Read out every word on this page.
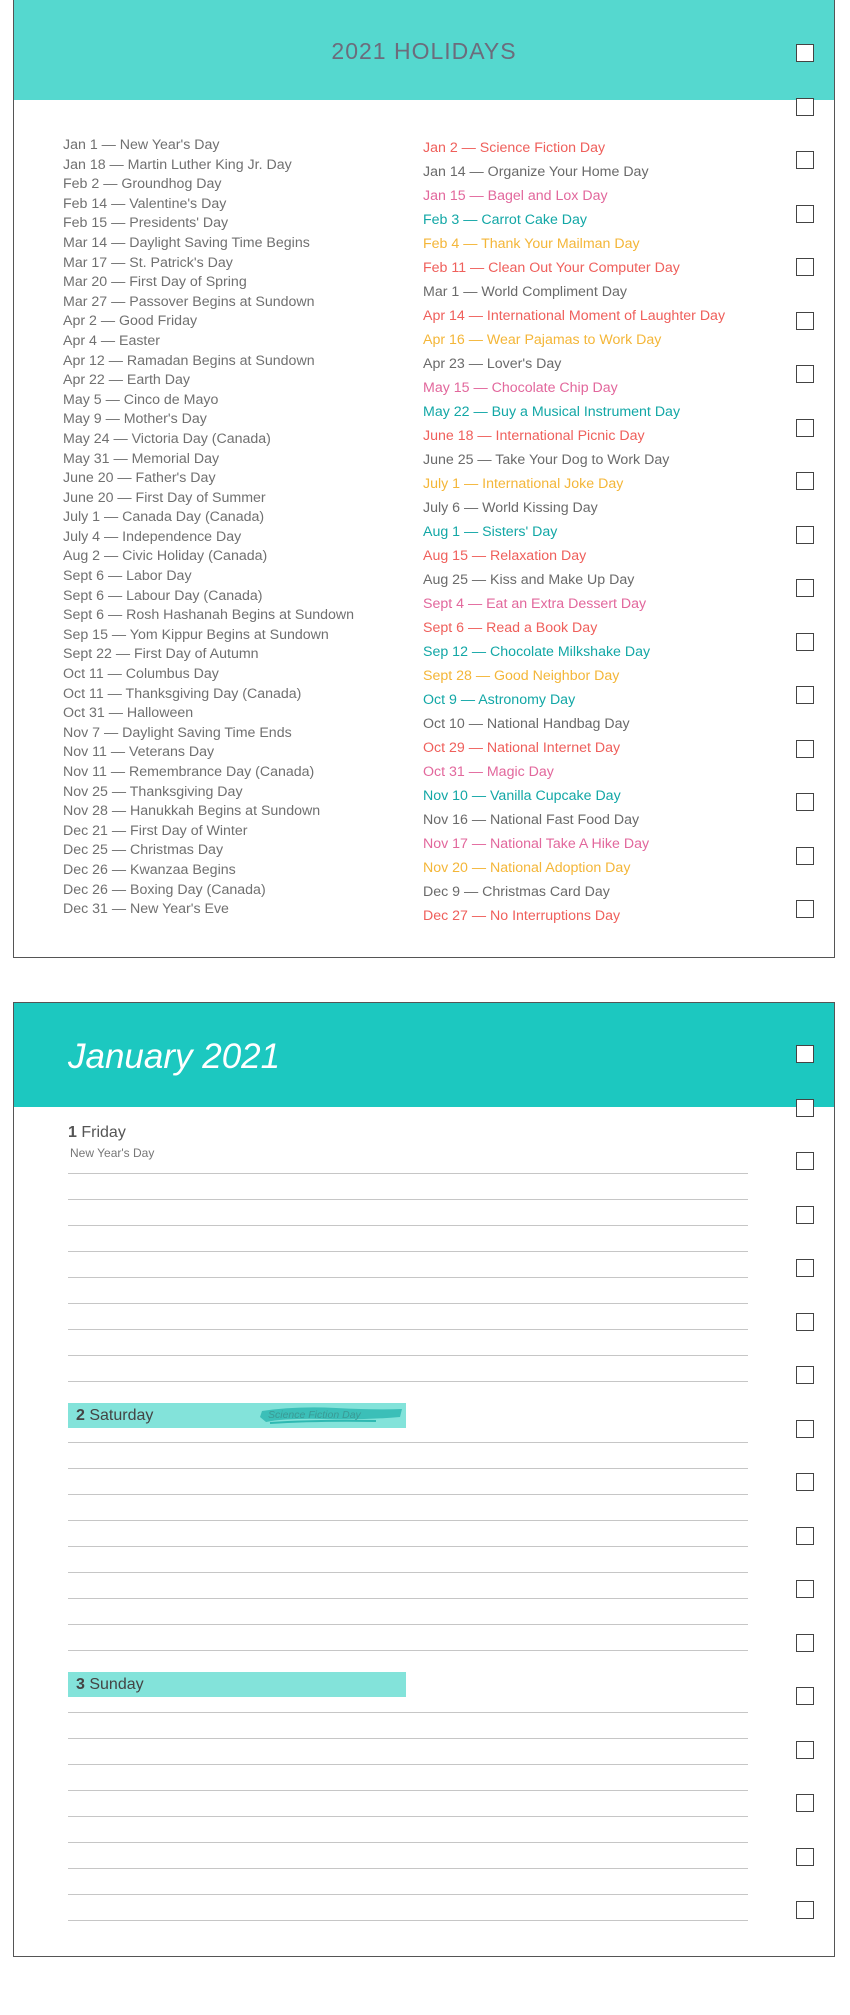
2021 HOLIDAYS
Jan 1 — New Year's Day
Jan 18 — Martin Luther King Jr. Day
Feb 2 — Groundhog Day
Feb 14 — Valentine's Day
Feb 15 — Presidents' Day
Mar 14 — Daylight Saving Time Begins
Mar 17 — St. Patrick's Day
Mar 20 — First Day of Spring
Mar 27 — Passover Begins at Sundown
Apr 2 — Good Friday
Apr 4 — Easter
Apr 12 — Ramadan Begins at Sundown
Apr 22 — Earth Day
May 5 — Cinco de Mayo
May 9 — Mother's Day
May 24 — Victoria Day (Canada)
May 31 — Memorial Day
June 20 — Father's Day
June 20 — First Day of Summer
July 1 — Canada Day (Canada)
July 4 — Independence Day
Aug 2 — Civic Holiday (Canada)
Sept 6 — Labor Day
Sept 6 — Labour Day (Canada)
Sept 6 — Rosh Hashanah Begins at Sundown
Sep 15 — Yom Kippur Begins at Sundown
Sept 22 — First Day of Autumn
Oct 11 — Columbus Day
Oct 11 — Thanksgiving Day (Canada)
Oct 31 — Halloween
Nov 7 — Daylight Saving Time Ends
Nov 11 — Veterans Day
Nov 11 — Remembrance Day (Canada)
Nov 25 — Thanksgiving Day
Nov 28 — Hanukkah Begins at Sundown
Dec 21 — First Day of Winter
Dec 25 — Christmas Day
Dec 26 — Kwanzaa Begins
Dec 26 — Boxing Day (Canada)
Dec 31 — New Year's Eve
Jan 2 — Science Fiction Day
Jan 14 — Organize Your Home Day
Jan 15 — Bagel and Lox Day
Feb 3 — Carrot Cake Day
Feb 4 — Thank Your Mailman Day
Feb 11 — Clean Out Your Computer Day
Mar 1 — World Compliment Day
Apr 14 — International Moment of Laughter Day
Apr 16 — Wear Pajamas to Work Day
Apr 23 — Lover's Day
May 15 — Chocolate Chip Day
May 22 — Buy a Musical Instrument Day
June 18 — International Picnic Day
June 25 — Take Your Dog to Work Day
July 1 — International Joke Day
July 6 — World Kissing Day
Aug 1 — Sisters' Day
Aug 15 — Relaxation Day
Aug 25 — Kiss and Make Up Day
Sept 4 — Eat an Extra Dessert Day
Sept 6 — Read a Book Day
Sep 12 — Chocolate Milkshake Day
Sept 28 — Good Neighbor Day
Oct 9 — Astronomy Day
Oct 10 — National Handbag Day
Oct 29 — National Internet Day
Oct 31 — Magic Day
Nov 10 — Vanilla Cupcake Day
Nov 16 — National Fast Food Day
Nov 17 — National Take A Hike Day
Nov 20 — National Adoption Day
Dec 9 — Christmas Card Day
Dec 27 — No Interruptions Day
January 2021
1 Friday
New Year's Day
2 Saturday	Science Fiction Day
3 Sunday
